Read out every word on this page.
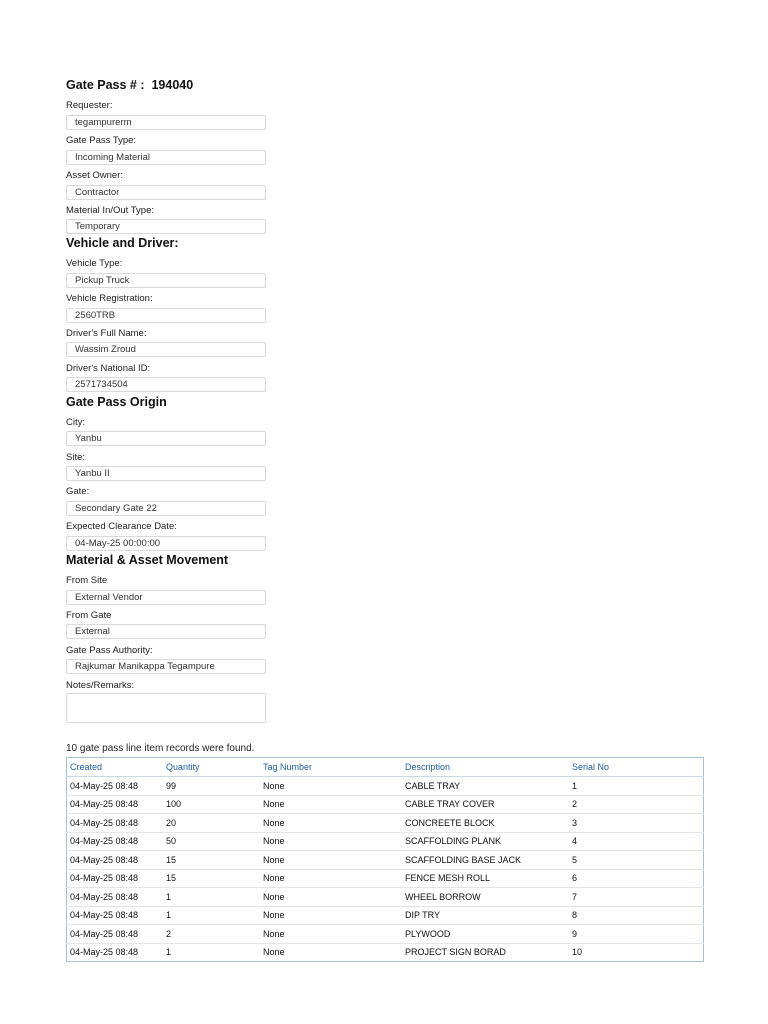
Gate Pass # : 194040
Requester:
tegampurerm
Gate Pass Type:
Incoming Material
Asset Owner:
Contractor
Material In/Out Type:
Temporary
Vehicle and Driver:
Vehicle Type:
Pickup Truck
Vehicle Registration:
2560TRB
Driver's Full Name:
Wassim Zroud
Driver's National ID:
2571734504
Gate Pass Origin
City:
Yanbu
Site:
Yanbu II
Gate:
Secondary Gate 22
Expected Clearance Date:
04-May-25 00:00:00
Material & Asset Movement
From Site
External Vendor
From Gate
External
Gate Pass Authority:
Rajkumar Manikappa Tegampure
Notes/Remarks:
10 gate pass line item records were found.
Created	Quantity	Tag Number	Description	Serial No
04-May-25 08:48	99	None	CABLE TRAY	1
04-May-25 08:48	100	None	CABLE TRAY COVER	2
04-May-25 08:48	20	None	CONCREETE BLOCK	3
04-May-25 08:48	50	None	SCAFFOLDING PLANK	4
04-May-25 08:48	15	None	SCAFFOLDING BASE JACK	5
04-May-25 08:48	15	None	FENCE MESH ROLL	6
04-May-25 08:48	1	None	WHEEL BORROW	7
04-May-25 08:48	1	None	DIP TRY	8
04-May-25 08:48	2	None	PLYWOOD	9
04-May-25 08:48	1	None	PROJECT SIGN BORAD	10
